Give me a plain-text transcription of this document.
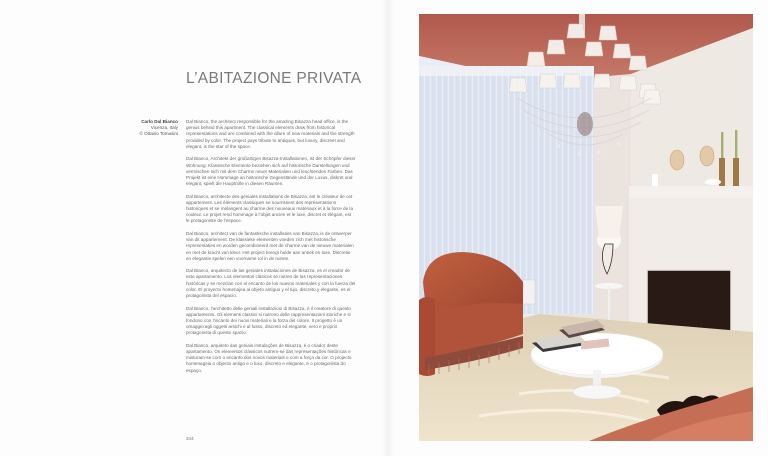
L’ABITAZIONE PRIVATA
Carlo Dal Bianco
Vicenza, Italy
© Ottavio Tomasini

Dal Bianco, the architect responsible for the amazing Bisazza head office, is the genius behind this apartment. The classical elements draw from historical representations and are combined with the allure of new materials and the strength provided by color. The project pays tribute to antiques, but luxury, discreet and elegant, is the star of the space.

Dal Bianco, Architekt der großartigen Bisazza-Installationen, ist der Schöpfer dieser Wohnung. Klassische Elemente beziehen sich auf historische Darstellungen und vermischen sich mit dem Charme neuer Materialien und leuchtenden Farben. Das Projekt ist eine Hommage an historische Gegenstände und der Luxus, diskret und elegant, spielt die Hauptrolle in diesen Räumen.

Dal Bianco, architecte des géniales installations de Bisazza, est le créateur de cet appartement. Les éléments classiques se nourrissent des représentations historiques et se mélangent au charme des nouveaux matériaux et à la force de la couleur. Le projet rend hommage à l’objet ancien et le luxe, discret et élégant, est le protagoniste de l’espace.

Dal Bianco, architect van de fantastische installaties van Bisazza, is de ontwerper van dit appartement. De klassieke elementen voeden zich met historische representaties en worden gecombineerd met de charme van de nieuwe materialen en met de kracht van kleur. Het project brengt hulde aan antiek en luxe. Discretie en elegantie spelen een voorname rol in de ruimte.

Dal Bianco, arquitecto de las geniales instalaciones de Bisazza, es el creador de este apartamento. Los elementos clásicos se nutren de las representaciones históricas y se mezclan con el encanto de los nuevos materiales y con la fuerza del color. El proyecto homenajea al objeto antiguo y el lujo, discreto y elegante, es el protagonista del espacio.

Dal Bianco, l’architetto delle geniali installazioni di Bisazza, è il creatore di questo appartamento. Gli elementi classici si nutrono delle rappresentazioni storiche e si fondono con l’incanto dei nuovi materiali e la forza del colore. Il progetto è un omaggio agli oggetti antichi e al lusso, discreto ed elegante, vero e proprio protagonista di questo spazio.

Dal Bianco, arquiteto das geniais instalações de Bisazza, é o criador deste apartamento. Os elementos clássicos nutrem-se das representações históricas e misturam-se com o encanto dos novos materiais e com a força da cor. O projecto homenageia o objecto antigo e o luxo, discreto e elegante, é o protagonista do espaço.

344
